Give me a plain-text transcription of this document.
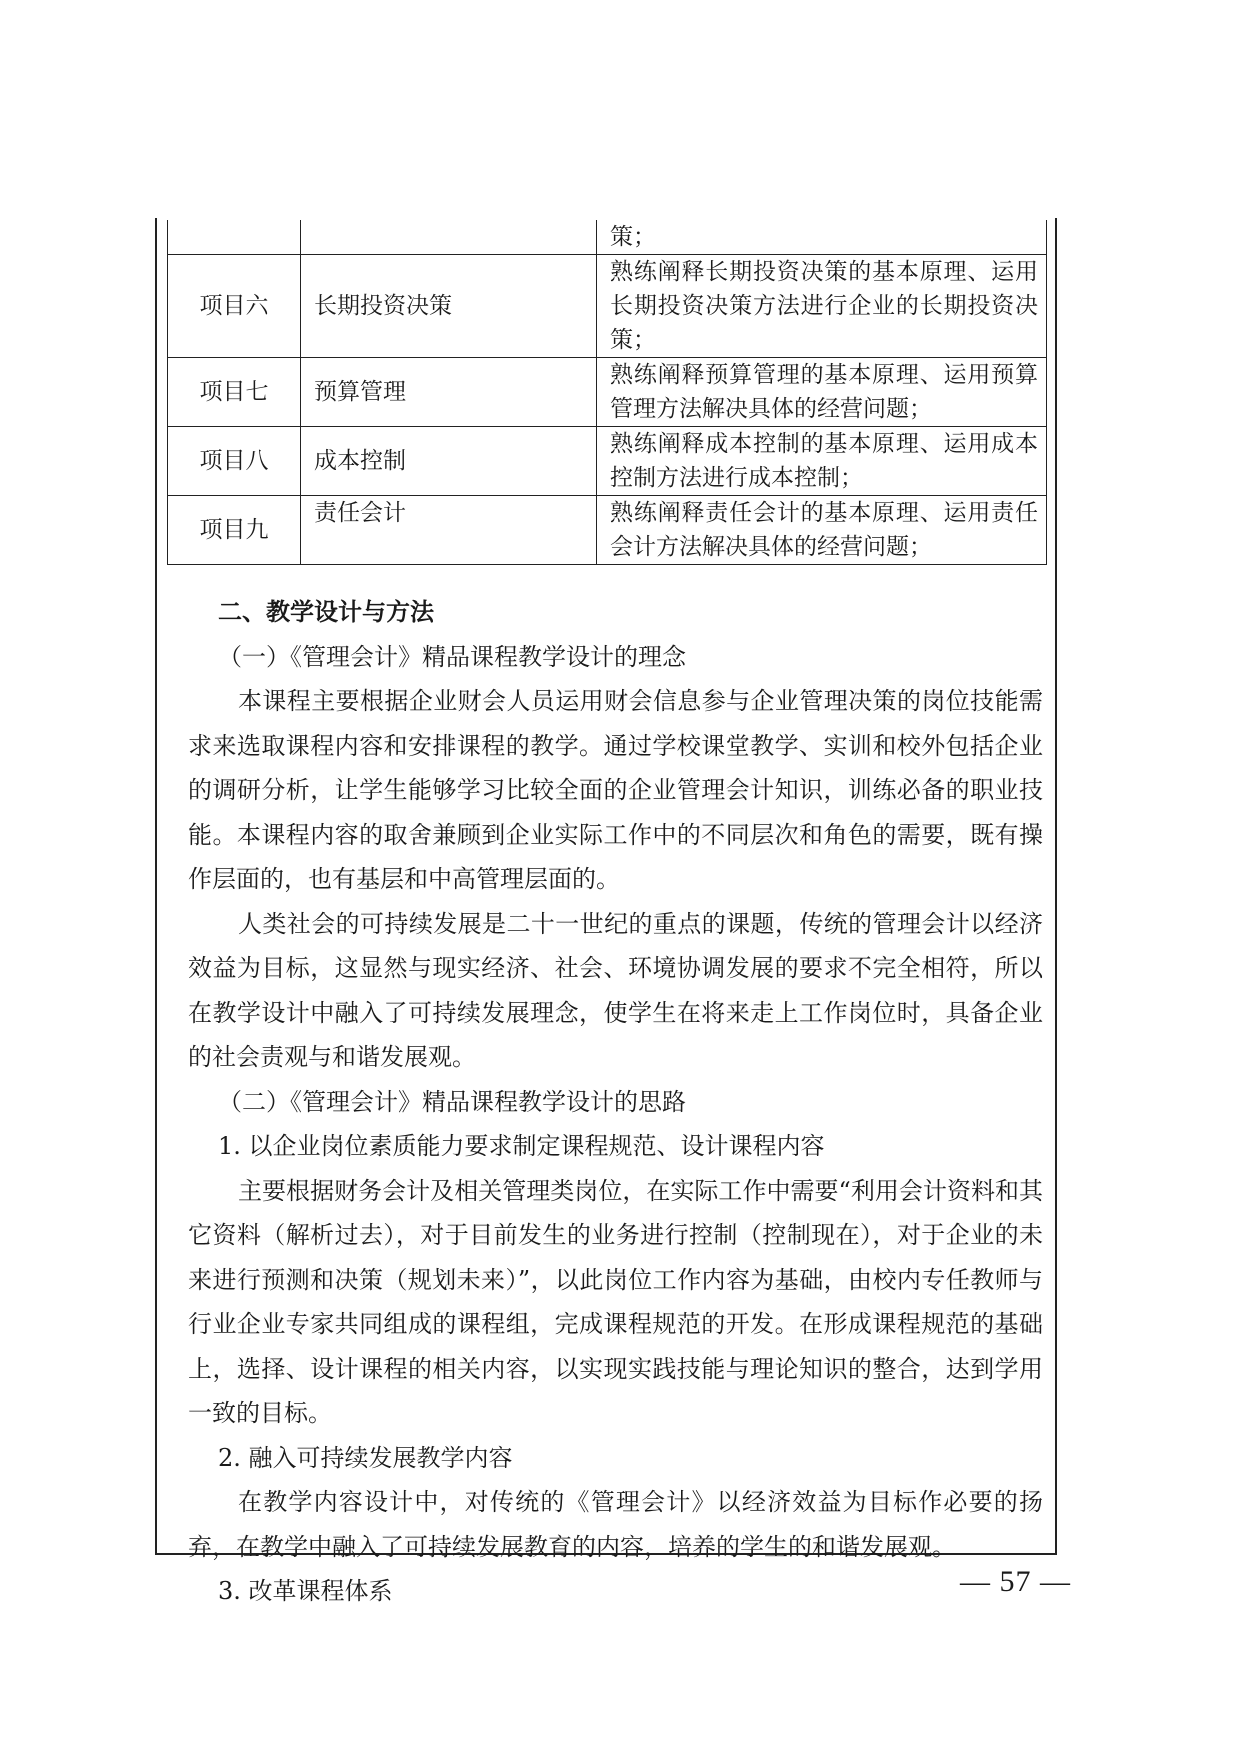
		策；
项目六	长期投资决策	熟练阐释长期投资决策的基本原理、运用长期投资决策方法进行企业的长期投资决策；
项目七	预算管理	熟练阐释预算管理的基本原理、运用预算管理方法解决具体的经营问题；
项目八	成本控制	熟练阐释成本控制的基本原理、运用成本控制方法进行成本控制；
项目九	责任会计	熟练阐释责任会计的基本原理、运用责任会计方法解决具体的经营问题；

二、教学设计与方法

（一）《管理会计》精品课程教学设计的理念

本课程主要根据企业财会人员运用财会信息参与企业管理决策的岗位技能需求来选取课程内容和安排课程的教学。通过学校课堂教学、实训和校外包括企业的调研分析，让学生能够学习比较全面的企业管理会计知识，训练必备的职业技能。本课程内容的取舍兼顾到企业实际工作中的不同层次和角色的需要，既有操作层面的，也有基层和中高管理层面的。

人类社会的可持续发展是二十一世纪的重点的课题，传统的管理会计以经济效益为目标，这显然与现实经济、社会、环境协调发展的要求不完全相符，所以在教学设计中融入了可持续发展理念，使学生在将来走上工作岗位时，具备企业的社会责观与和谐发展观。

（二）《管理会计》精品课程教学设计的思路

1. 以企业岗位素质能力要求制定课程规范、设计课程内容

主要根据财务会计及相关管理类岗位，在实际工作中需要“利用会计资料和其它资料（解析过去），对于目前发生的业务进行控制（控制现在），对于企业的未来进行预测和决策（规划未来）”，以此岗位工作内容为基础，由校内专任教师与行业企业专家共同组成的课程组，完成课程规范的开发。在形成课程规范的基础上，选择、设计课程的相关内容，以实现实践技能与理论知识的整合，达到学用一致的目标。

2. 融入可持续发展教学内容

在教学内容设计中，对传统的《管理会计》以经济效益为目标作必要的扬弃，在教学中融入了可持续发展教育的内容，培养的学生的和谐发展观。

3. 改革课程体系	— 57 —
